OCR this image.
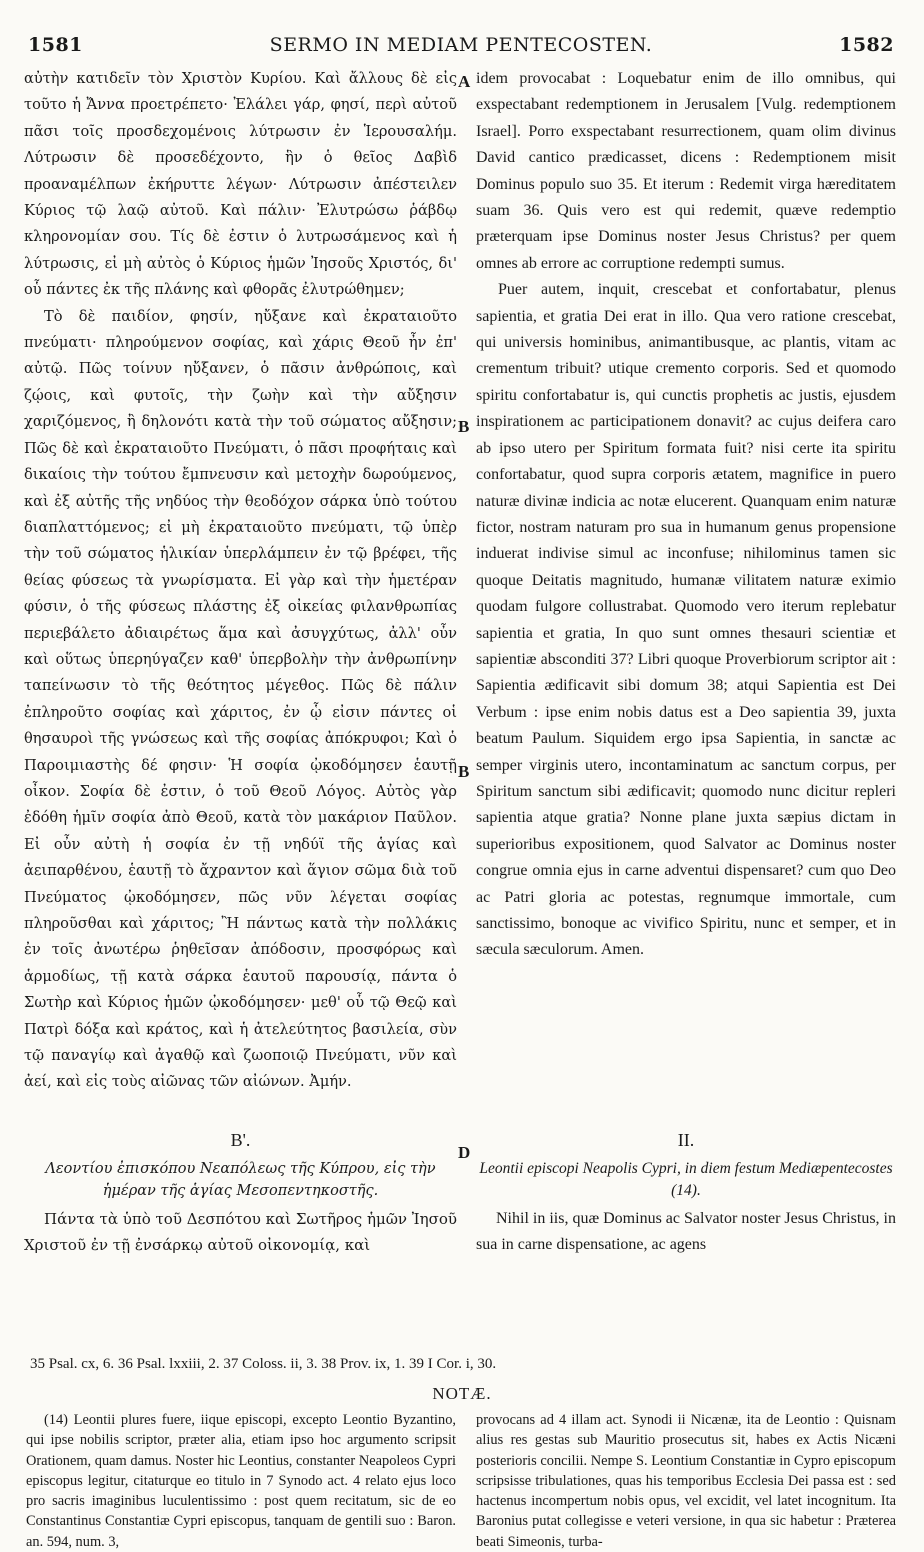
1581	SERMO IN MEDIAM PENTECOSTEN.	1582

αὐτὴν κατιδεῖν τὸν Χριστὸν Κυρίου. Καὶ ἄλλους δὲ εἰς τοῦτο ἡ Ἄννα προετρέπετο· Ἐλάλει γάρ, φησί, περὶ αὐτοῦ πᾶσι τοῖς προσδεχομένοις λύτρωσιν ἐν Ἱερουσαλήμ. Λύτρωσιν δὲ προσεδέχοντο, ἣν ὁ θεῖος Δαβὶδ προαναμέλπων ἐκήρυττε λέγων· Λύτρωσιν ἀπέστειλεν Κύριος τῷ λαῷ αὐτοῦ. Καὶ πάλιν· Ἐλυτρώσω ῥάβδῳ κληρονομίαν σου. Τίς δὲ ἐστιν ὁ λυτρωσάμενος καὶ ἡ λύτρωσις, εἰ μὴ αὐτὸς ὁ Κύριος ἡμῶν Ἰησοῦς Χριστός, δι' οὗ πάντες ἐκ τῆς πλάνης καὶ φθορᾶς ἐλυτρώθημεν;

Τὸ δὲ παιδίον, φησίν, ηὔξανε καὶ ἐκραταιοῦτο πνεύματι· πληρούμενον σοφίας, καὶ χάρις Θεοῦ ἦν ἐπ' αὐτῷ. Πῶς τοίνυν ηὔξανεν, ὁ πᾶσιν ἀνθρώποις, καὶ ζῴοις, καὶ φυτοῖς, τὴν ζωὴν καὶ τὴν αὔξησιν χαριζόμενος, ἢ δηλονότι κατὰ τὴν τοῦ σώματος αὔξησιν; Πῶς δὲ καὶ ἐκραταιοῦτο Πνεύματι, ὁ πᾶσι προφήταις καὶ δικαίοις τὴν τούτου ἔμπνευσιν καὶ μετοχὴν δωρούμενος, καὶ ἐξ αὐτῆς τῆς νηδύος τὴν θεοδόχον σάρκα ὑπὸ τούτου διαπλαττόμενος; εἰ μὴ ἐκραταιοῦτο πνεύματι, τῷ ὑπὲρ τὴν τοῦ σώματος ἡλικίαν ὑπερλάμπειν ἐν τῷ βρέφει, τῆς θείας φύσεως τὰ γνωρίσματα. Εἰ γὰρ καὶ τὴν ἡμετέραν φύσιν, ὁ τῆς φύσεως πλάστης ἐξ οἰκείας φιλανθρωπίας περιεβάλετο ἀδιαιρέτως ἅμα καὶ ἀσυγχύτως, ἀλλ' οὖν καὶ οὕτως ὑπερηύγαζεν καθ' ὑπερβολὴν τὴν ἀνθρωπίνην ταπείνωσιν τὸ τῆς θεότητος μέγεθος. Πῶς δὲ πάλιν ἐπληροῦτο σοφίας καὶ χάριτος, ἐν ᾧ εἰσιν πάντες οἱ θησαυροὶ τῆς γνώσεως καὶ τῆς σοφίας ἀπόκρυφοι; Καὶ ὁ Παροιμιαστὴς δέ φησιν· Ἡ σοφία ᾠκοδόμησεν ἑαυτῇ οἶκον. Σοφία δὲ ἐστιν, ὁ τοῦ Θεοῦ Λόγος. Αὐτὸς γὰρ ἐδόθη ἡμῖν σοφία ἀπὸ Θεοῦ, κατὰ τὸν μακάριον Παῦλον. Εἰ οὖν αὐτὴ ἡ σοφία ἐν τῇ νηδύϊ τῆς ἁγίας καὶ ἀειπαρθένου, ἑαυτῇ τὸ ἄχραντον καὶ ἅγιον σῶμα διὰ τοῦ Πνεύματος ᾠκοδόμησεν, πῶς νῦν λέγεται σοφίας πληροῦσθαι καὶ χάριτος; Ἢ πάντως κατὰ τὴν πολλάκις ἐν τοῖς ἀνωτέρω ῥηθεῖσαν ἀπόδοσιν, προσφόρως καὶ ἁρμοδίως, τῇ κατὰ σάρκα ἑαυτοῦ παρουσίᾳ, πάντα ὁ Σωτὴρ καὶ Κύριος ἡμῶν ᾠκοδόμησεν· μεθ' οὗ τῷ Θεῷ καὶ Πατρὶ δόξα καὶ κράτος, καὶ ἡ ἀτελεύτητος βασιλεία, σὺν τῷ παναγίῳ καὶ ἀγαθῷ καὶ ζωοποιῷ Πνεύματι, νῦν καὶ ἀεί, καὶ εἰς τοὺς αἰῶνας τῶν αἰώνων. Ἀμήν.

idem provocabat : Loquebatur enim de illo omnibus, qui exspectabant redemptionem in Jerusalem [Vulg. redemptionem Israel]. Porro exspectabant resurrectionem, quam olim divinus David cantico prædicasset, dicens : Redemptionem misit Dominus populo suo 35. Et iterum : Redemit virga hæreditatem suam 36. Quis vero est qui redemit, quæve redemptio præterquam ipse Dominus noster Jesus Christus? per quem omnes ab errore ac corruptione redempti sumus.

Puer autem, inquit, crescebat et confortabatur, plenus sapientia, et gratia Dei erat in illo. Qua vero ratione crescebat, qui universis hominibus, animantibusque, ac plantis, vitam ac crementum tribuit? utique cremento corporis. Sed et quomodo spiritu confortabatur is, qui cunctis prophetis ac justis, ejusdem inspirationem ac participationem donavit? ac cujus deifera caro ab ipso utero per Spiritum formata fuit? nisi certe ita spiritu confortabatur, quod supra corporis ætatem, magnifice in puero naturæ divinæ indicia ac notæ elucerent. Quanquam enim naturæ fictor, nostram naturam pro sua in humanum genus propensione induerat indivise simul ac inconfuse; nihilominus tamen sic quoque Deitatis magnitudo, humanæ vilitatem naturæ eximio quodam fulgore collustrabat. Quomodo vero iterum replebatur sapientia et gratia, In quo sunt omnes thesauri scientiæ et sapientiæ absconditi 37? Libri quoque Proverbiorum scriptor ait : Sapientia ædificavit sibi domum 38; atqui Sapientia est Dei Verbum : ipse enim nobis datus est a Deo sapientia 39, juxta beatum Paulum. Siquidem ergo ipsa Sapientia, in sanctæ ac semper virginis utero, incontaminatum ac sanctum corpus, per Spiritum sanctum sibi ædificavit; quomodo nunc dicitur repleri sapientia atque gratia? Nonne plane juxta sæpius dictam in superioribus expositionem, quod Salvator ac Dominus noster congrue omnia ejus in carne adventui dispensaret? cum quo Deo ac Patri gloria ac potestas, regnumque immortale, cum sanctissimo, bonoque ac vivifico Spiritu, nunc et semper, et in sæcula sæculorum. Amen.

A
B
B
D
Β'.
Λεοντίου ἐπισκόπου Νεαπόλεως τῆς Κύπρου, εἰς τὴν ἡμέραν τῆς ἁγίας Μεσοπεντηκοστῆς.
Πάντα τὰ ὑπὸ τοῦ Δεσπότου καὶ Σωτῆρος ἡμῶν Ἰησοῦ Χριστοῦ ἐν τῇ ἐνσάρκῳ αὐτοῦ οἰκονομίᾳ, καὶ
II.
Leontii episcopi Neapolis Cypri, in diem festum Mediæpentecostes (14).
Nihil in iis, quæ Dominus ac Salvator noster Jesus Christus, in sua in carne dispensatione, ac agens
35 Psal. cx, 6. 36 Psal. lxxiii, 2. 37 Coloss. ii, 3. 38 Prov. ix, 1. 39 I Cor. i, 30.
NOTÆ.

(14) Leontii plures fuere, iique episcopi, excepto Leontio Byzantino, qui ipse nobilis scriptor, præter alia, etiam ipso hoc argumento scripsit Orationem, quam damus. Noster hic Leontius, constanter Neapoleos Cypri episcopus legitur, citaturque eo titulo in 7 Synodo act. 4 relato ejus loco pro sacris imaginibus luculentissimo : post quem recitatum, sic de eo Constantinus Constantiæ Cypri episcopus, tanquam de gentili suo : Baron. an. 594, num. 3,

provocans ad 4 illam act. Synodi ii Nicænæ, ita de Leontio : Quisnam alius res gestas sub Mauritio prosecutus sit, habes ex Actis Nicæni posterioris concilii. Nempe S. Leontium Constantiæ in Cypro episcopum scripsisse tribulationes, quas his temporibus Ecclesia Dei passa est : sed hactenus incompertum nobis opus, vel excidit, vel latet incognitum. Ita Baronius putat collegisse e veteri versione, in qua sic habetur : Præterea beati Simeonis, turba-
